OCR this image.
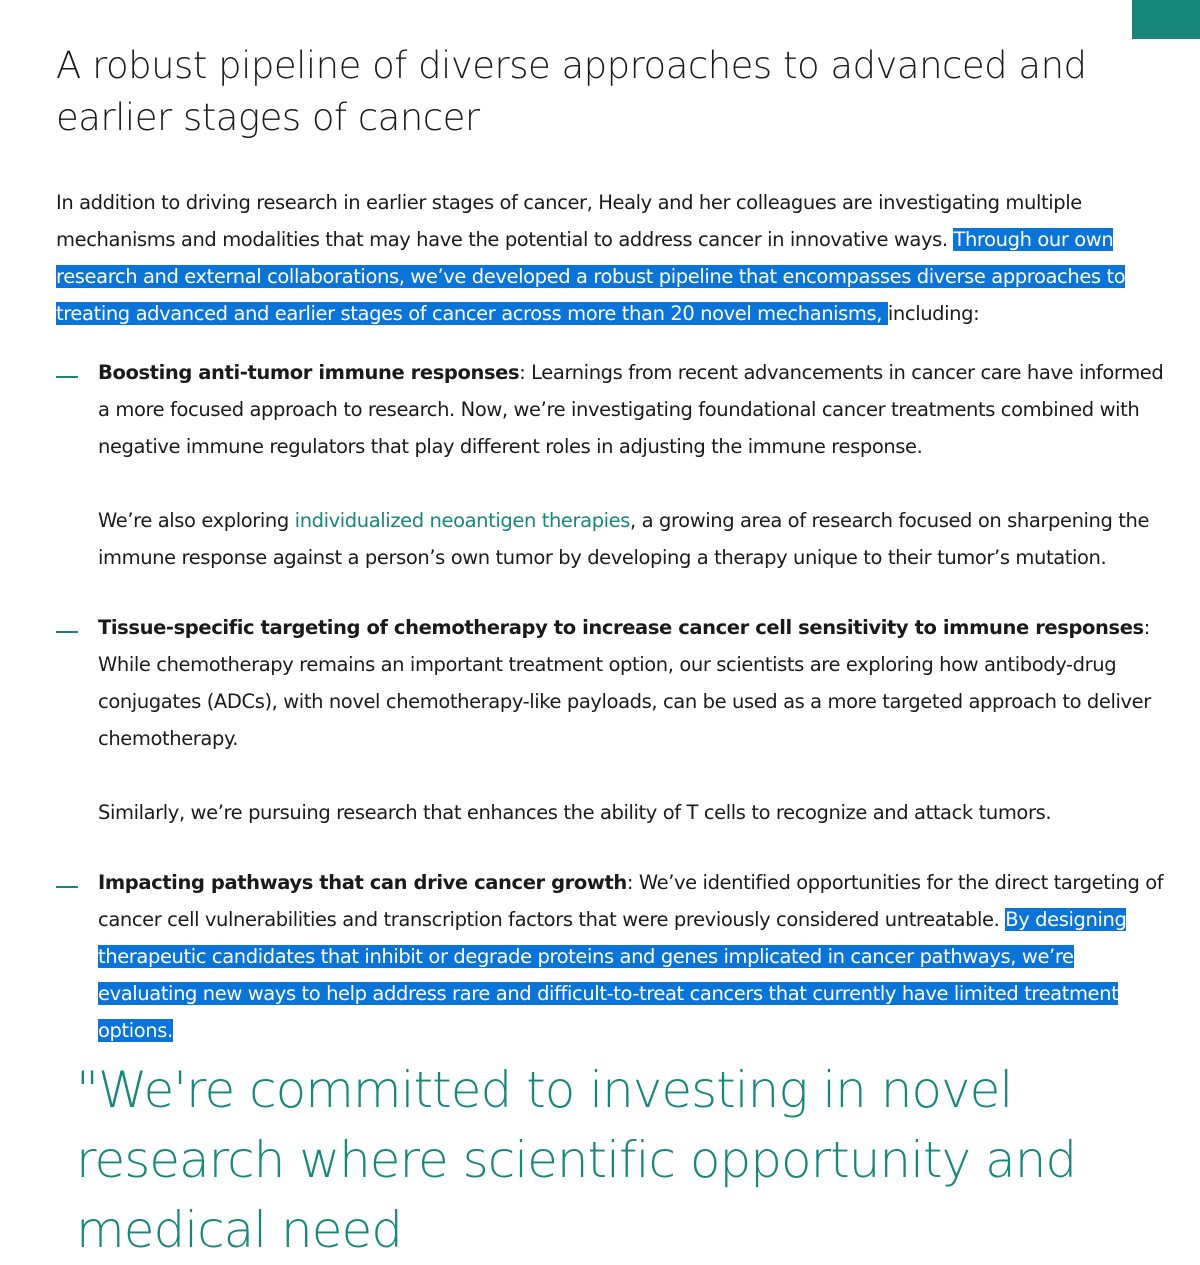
A robust pipeline of diverse approaches to advanced and earlier stages of cancer

In addition to driving research in earlier stages of cancer, Healy and her colleagues are investigating multiple mechanisms and modalities that may have the potential to address cancer in innovative ways. Through our own research and external collaborations, we’ve developed a robust pipeline that encompasses diverse approaches to treating advanced and earlier stages of cancer across more than 20 novel mechanisms, including:

Boosting anti-tumor immune responses: Learnings from recent advancements in cancer care have informed a more focused approach to research. Now, we’re investigating foundational cancer treatments combined with negative immune regulators that play different roles in adjusting the immune response.

We’re also exploring individualized neoantigen therapies, a growing area of research focused on sharpening the immune response against a person’s own tumor by developing a therapy unique to their tumor’s mutation.

Tissue-specific targeting of chemotherapy to increase cancer cell sensitivity to immune responses: While chemotherapy remains an important treatment option, our scientists are exploring how antibody-drug conjugates (ADCs), with novel chemotherapy-like payloads, can be used as a more targeted approach to deliver chemotherapy.

Similarly, we’re pursuing research that enhances the ability of T cells to recognize and attack tumors.

Impacting pathways that can drive cancer growth: We’ve identified opportunities for the direct targeting of cancer cell vulnerabilities and transcription factors that were previously considered untreatable. By designing therapeutic candidates that inhibit or degrade proteins and genes implicated in cancer pathways, we’re evaluating new ways to help address rare and difficult-to-treat cancers that currently have limited treatment options.

"We're committed to investing in novel research where scientific opportunity and medical need
